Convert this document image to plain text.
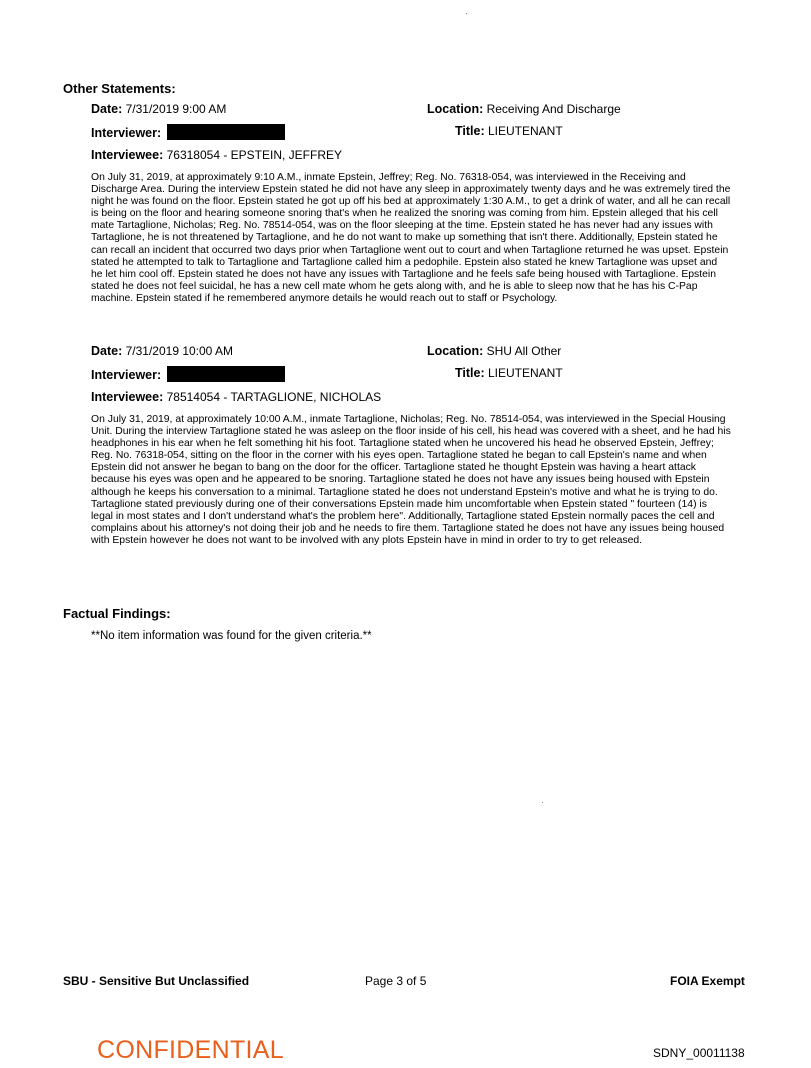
Other Statements:
Date: 7/31/2019 9:00 AM	Location: Receiving And Discharge
Interviewer:	Title: LIEUTENANT
Interviewee: 76318054 - EPSTEIN, JEFFREY
On July 31, 2019, at approximately 9:10 A.M., inmate Epstein, Jeffrey; Reg. No. 76318-054, was interviewed in the Receiving and Discharge Area. During the interview Epstein stated he did not have any sleep in approximately twenty days and he was extremely tired the night he was found on the floor. Epstein stated he got up off his bed at approximately 1:30 A.M., to get a drink of water, and all he can recall is being on the floor and hearing someone snoring that's when he realized the snoring was coming from him. Epstein alleged that his cell mate Tartaglione, Nicholas; Reg. No. 78514-054, was on the floor sleeping at the time. Epstein stated he has never had any issues with Tartaglione, he is not threatened by Tartaglione, and he do not want to make up something that isn't there. Additionally, Epstein stated he can recall an incident that occurred two days prior when Tartaglione went out to court and when Tartaglione returned he was upset. Epstein stated he attempted to talk to Tartaglione and Tartaglione called him a pedophile. Epstein also stated he knew Tartaglione was upset and he let him cool off. Epstein stated he does not have any issues with Tartaglione and he feels safe being housed with Tartaglione. Epstein stated he does not feel suicidal, he has a new cell mate whom he gets along with, and he is able to sleep now that he has his C-Pap machine. Epstein stated if he remembered anymore details he would reach out to staff or Psychology.
Date: 7/31/2019 10:00 AM	Location: SHU All Other
Interviewer:	Title: LIEUTENANT
Interviewee: 78514054 - TARTAGLIONE, NICHOLAS
On July 31, 2019, at approximately 10:00 A.M., inmate Tartaglione, Nicholas; Reg. No. 78514-054, was interviewed in the Special Housing Unit. During the interview Tartaglione stated he was asleep on the floor inside of his cell, his head was covered with a sheet, and he had his headphones in his ear when he felt something hit his foot. Tartaglione stated when he uncovered his head he observed Epstein, Jeffrey; Reg. No. 76318-054, sitting on the floor in the corner with his eyes open. Tartaglione stated he began to call Epstein's name and when Epstein did not answer he began to bang on the door for the officer. Tartaglione stated he thought Epstein was having a heart attack because his eyes was open and he appeared to be snoring. Tartaglione stated he does not have any issues being housed with Epstein although he keeps his conversation to a minimal. Tartaglione stated he does not understand Epstein's motive and what he is trying to do. Tartaglione stated previously during one of their conversations Epstein made him uncomfortable when Epstein stated " fourteen (14) is legal in most states and I don't understand what's the problem here". Additionally, Tartaglione stated Epstein normally paces the cell and complains about his attorney's not doing their job and he needs to fire them. Tartaglione stated he does not have any issues being housed with Epstein however he does not want to be involved with any plots Epstein have in mind in order to try to get released.
Factual Findings:
**No item information was found for the given criteria.**
SBU - Sensitive But Unclassified	Page 3 of 5	FOIA Exempt
CONFIDENTIAL	SDNY_00011138
